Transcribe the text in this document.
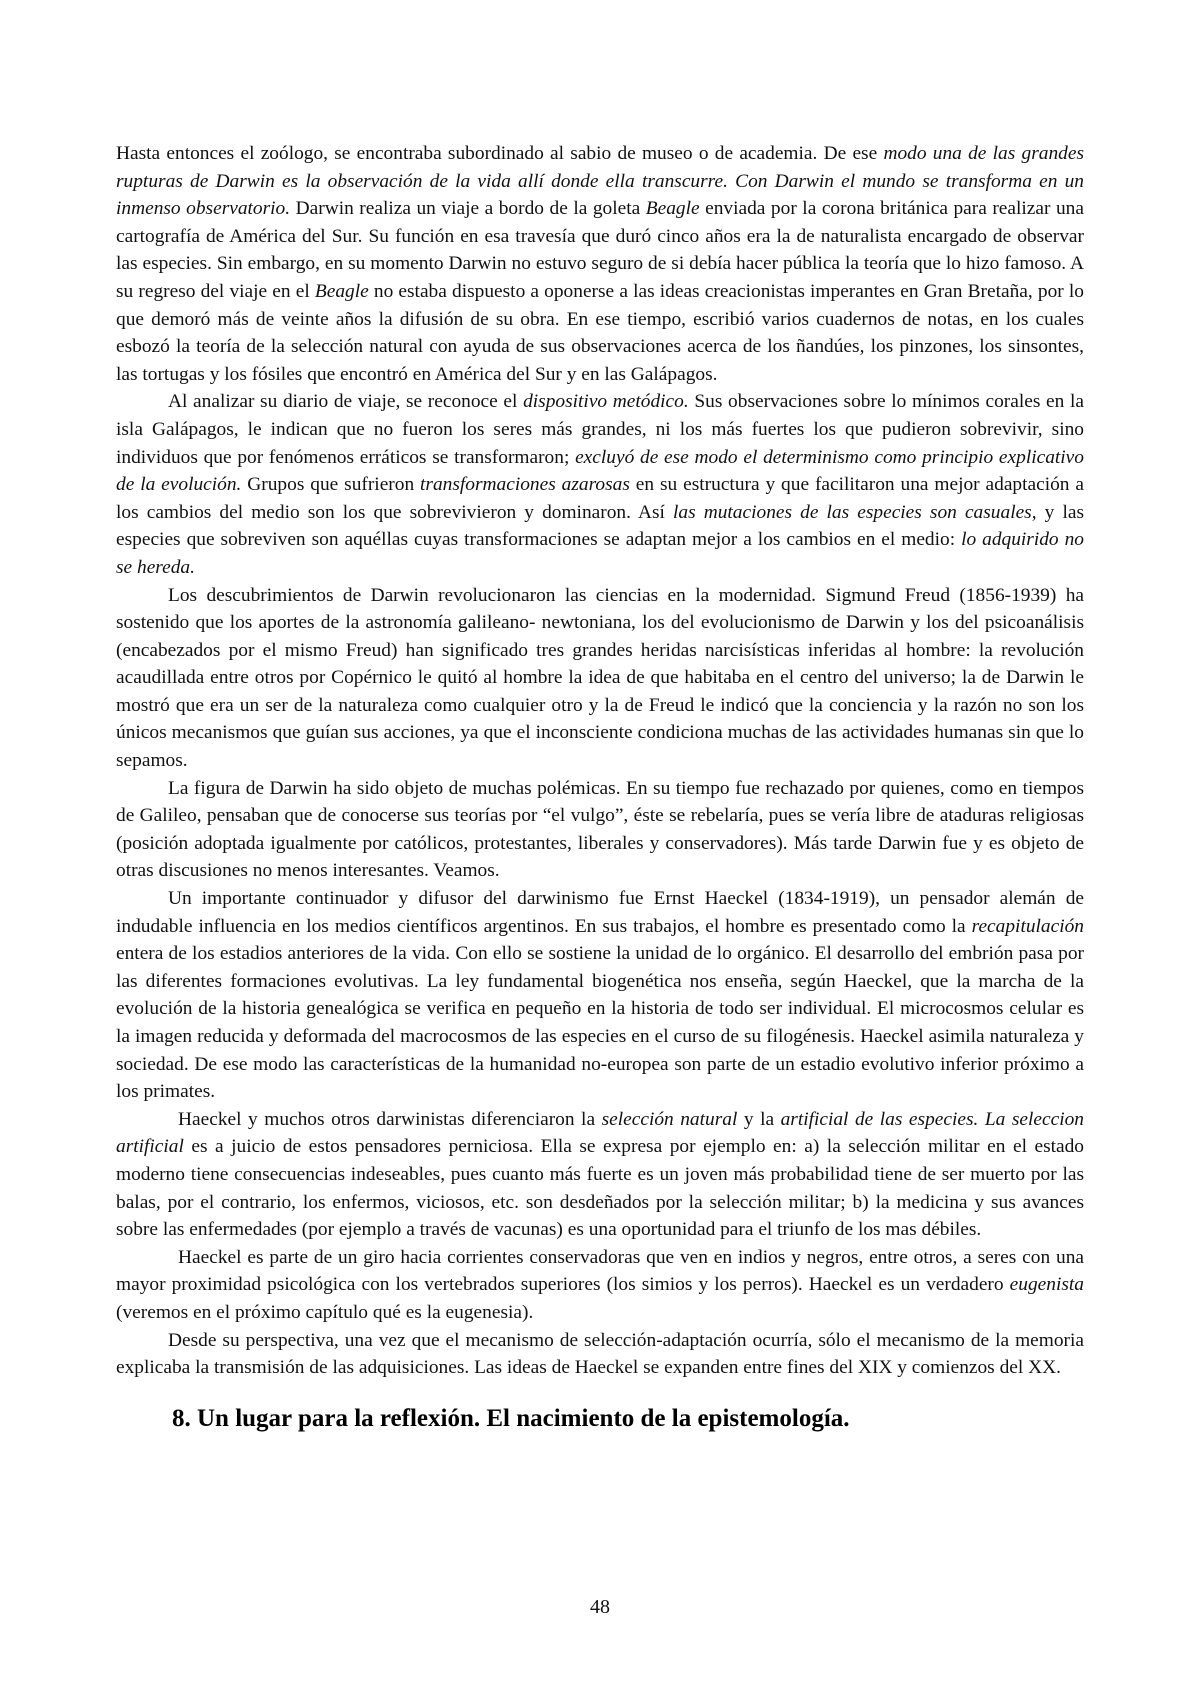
Hasta entonces el zoólogo, se encontraba subordinado al sabio de museo o de academia. De ese modo una de las grandes rupturas de Darwin es la observación de la vida allí donde ella transcurre. Con Darwin el mundo se transforma en un inmenso observatorio. Darwin realiza un viaje a bordo de la goleta Beagle enviada por la corona británica para realizar una cartografía de América del Sur. Su función en esa travesía que duró cinco años era la de naturalista encargado de observar las especies. Sin embargo, en su momento Darwin no estuvo seguro de si debía hacer pública la teoría que lo hizo famoso. A su regreso del viaje en el Beagle no estaba dispuesto a oponerse a las ideas creacionistas imperantes en Gran Bretaña, por lo que demoró más de veinte años la difusión de su obra. En ese tiempo, escribió varios cuadernos de notas, en los cuales esbozó la teoría de la selección natural con ayuda de sus observaciones acerca de los ñandúes, los pinzones, los sinsontes, las tortugas y los fósiles que encontró en América del Sur y en las Galápagos.

Al analizar su diario de viaje, se reconoce el dispositivo metódico. Sus observaciones sobre lo mínimos corales en la isla Galápagos, le indican que no fueron los seres más grandes, ni los más fuertes los que pudieron sobrevivir, sino individuos que por fenómenos erráticos se transformaron; excluyó de ese modo el determinismo como principio explicativo de la evolución. Grupos que sufrieron transformaciones azarosas en su estructura y que facilitaron una mejor adaptación a los cambios del medio son los que sobrevivieron y dominaron. Así las mutaciones de las especies son casuales, y las especies que sobreviven son aquéllas cuyas transformaciones se adaptan mejor a los cambios en el medio: lo adquirido no se hereda.

Los descubrimientos de Darwin revolucionaron las ciencias en la modernidad. Sigmund Freud (1856-1939) ha sostenido que los aportes de la astronomía galileano- newtoniana, los del evolucionismo de Darwin y los del psicoanálisis (encabezados por el mismo Freud) han significado tres grandes heridas narcisísticas inferidas al hombre: la revolución acaudillada entre otros por Copérnico le quitó al hombre la idea de que habitaba en el centro del universo; la de Darwin le mostró que era un ser de la naturaleza como cualquier otro y la de Freud le indicó que la conciencia y la razón no son los únicos mecanismos que guían sus acciones, ya que el inconsciente condiciona muchas de las actividades humanas sin que lo sepamos.

La figura de Darwin ha sido objeto de muchas polémicas. En su tiempo fue rechazado por quienes, como en tiempos de Galileo, pensaban que de conocerse sus teorías por “el vulgo”, éste se rebelaría, pues se vería libre de ataduras religiosas (posición adoptada igualmente por católicos, protestantes, liberales y conservadores). Más tarde Darwin fue y es objeto de otras discusiones no menos interesantes. Veamos.

Un importante continuador y difusor del darwinismo fue Ernst Haeckel (1834-1919), un pensador alemán de indudable influencia en los medios científicos argentinos. En sus trabajos, el hombre es presentado como la recapitulación entera de los estadios anteriores de la vida. Con ello se sostiene la unidad de lo orgánico. El desarrollo del embrión pasa por las diferentes formaciones evolutivas. La ley fundamental biogenética nos enseña, según Haeckel, que la marcha de la evolución de la historia genealógica se verifica en pequeño en la historia de todo ser individual. El microcosmos celular es la imagen reducida y deformada del macrocosmos de las especies en el curso de su filogénesis. Haeckel asimila naturaleza y sociedad. De ese modo las características de la humanidad no-europea son parte de un estadio evolutivo inferior próximo a los primates.

Haeckel y muchos otros darwinistas diferenciaron la selección natural y la artificial de las especies. La seleccion artificial es a juicio de estos pensadores perniciosa. Ella se expresa por ejemplo en: a) la selección militar en el estado moderno tiene consecuencias indeseables, pues cuanto más fuerte es un joven más probabilidad tiene de ser muerto por las balas, por el contrario, los enfermos, viciosos, etc. son desdeñados por la selección militar; b) la medicina y sus avances sobre las enfermedades (por ejemplo a través de vacunas) es una oportunidad para el triunfo de los mas débiles.

Haeckel es parte de un giro hacia corrientes conservadoras que ven en indios y negros, entre otros, a seres con una mayor proximidad psicológica con los vertebrados superiores (los simios y los perros). Haeckel es un verdadero eugenista (veremos en el próximo capítulo qué es la eugenesia).

Desde su perspectiva, una vez que el mecanismo de selección-adaptación ocurría, sólo el mecanismo de la memoria explicaba la transmisión de las adquisiciones. Las ideas de Haeckel se expanden entre fines del XIX y comienzos del XX.

8. Un lugar para la reflexión. El nacimiento de la epistemología.
48
